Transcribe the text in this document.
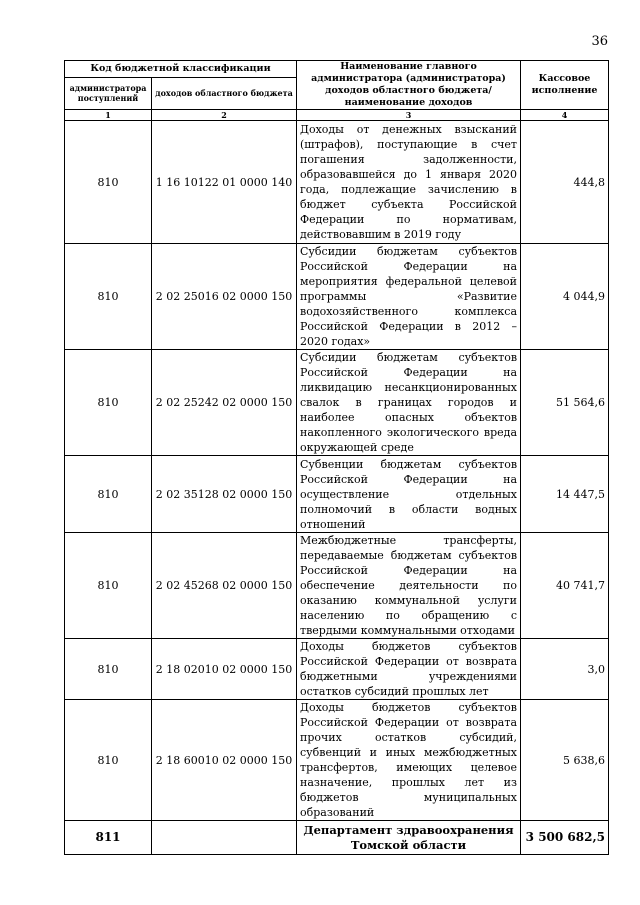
36
Код бюджетной классификации		Наименование главного администратора (администратора) доходов областного бюджета/ наименование доходов	Кассовое исполнение
администратора поступлений	доходов областного бюджета		
1	2	3	4
810	1 16 10122 01 0000 140	Доходы от денежных взысканий (штрафов), поступающие в счет погашения задолженности, образовавшейся до 1 января 2020 года, подлежащие зачислению в бюджет субъекта Российской Федерации по нормативам, действовавшим в 2019 году	444,8
810	2 02 25016 02 0000 150	Субсидии бюджетам субъектов Российской Федерации на мероприятия федеральной целевой программы «Развитие водохозяйственного комплекса Российской Федерации в 2012 – 2020 годах»	4 044,9
810	2 02 25242 02 0000 150	Субсидии бюджетам субъектов Российской Федерации на ликвидацию несанкционированных свалок в границах городов и наиболее опасных объектов накопленного экологического вреда окружающей среде	51 564,6
810	2 02 35128 02 0000 150	Субвенции бюджетам субъектов Российской Федерации на осуществление отдельных полномочий в области водных отношений	14 447,5
810	2 02 45268 02 0000 150	Межбюджетные трансферты, передаваемые бюджетам субъектов Российской Федерации на обеспечение деятельности по оказанию коммунальной услуги населению по обращению с твердыми коммунальными отходами	40 741,7
810	2 18 02010 02 0000 150	Доходы бюджетов субъектов Российской Федерации от возврата бюджетными учреждениями остатков субсидий прошлых лет	3,0
810	2 18 60010 02 0000 150	Доходы бюджетов субъектов Российской Федерации от возврата прочих остатков субсидий, субвенций и иных межбюджетных трансфертов, имеющих целевое назначение, прошлых лет из бюджетов муниципальных образований	5 638,6
811		Департамент здравоохранения Томской области	3 500 682,5
